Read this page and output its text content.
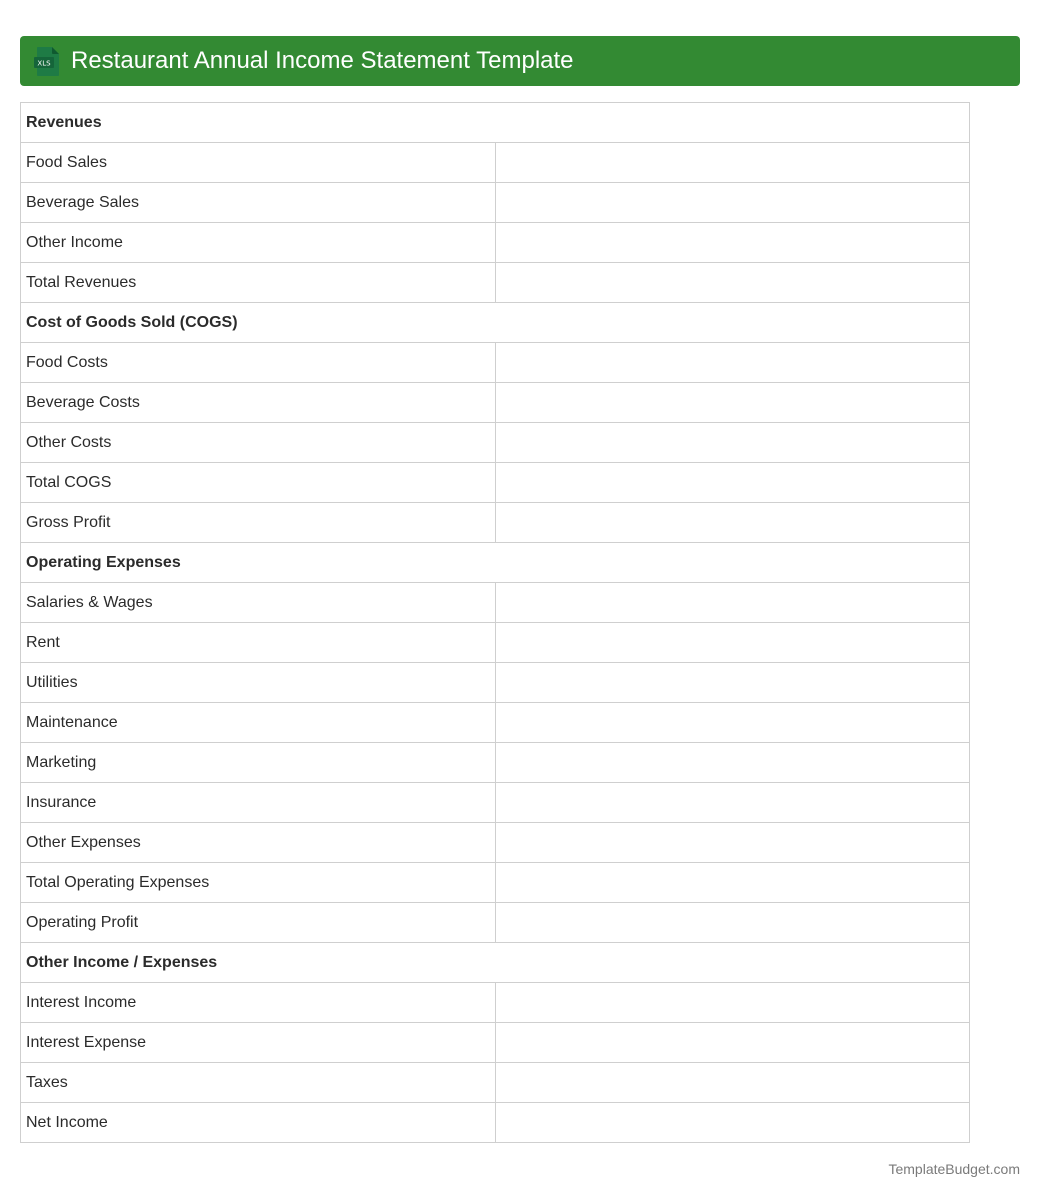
XLS Restaurant Annual Income Statement Template
Revenues	
Food Sales	
Beverage Sales	
Other Income	
Total Revenues	
Cost of Goods Sold (COGS)	
Food Costs	
Beverage Costs	
Other Costs	
Total COGS	
Gross Profit	
Operating Expenses	
Salaries & Wages	
Rent	
Utilities	
Maintenance	
Marketing	
Insurance	
Other Expenses	
Total Operating Expenses	
Operating Profit	
Other Income / Expenses	
Interest Income	
Interest Expense	
Taxes	
Net Income	
TemplateBudget.com
